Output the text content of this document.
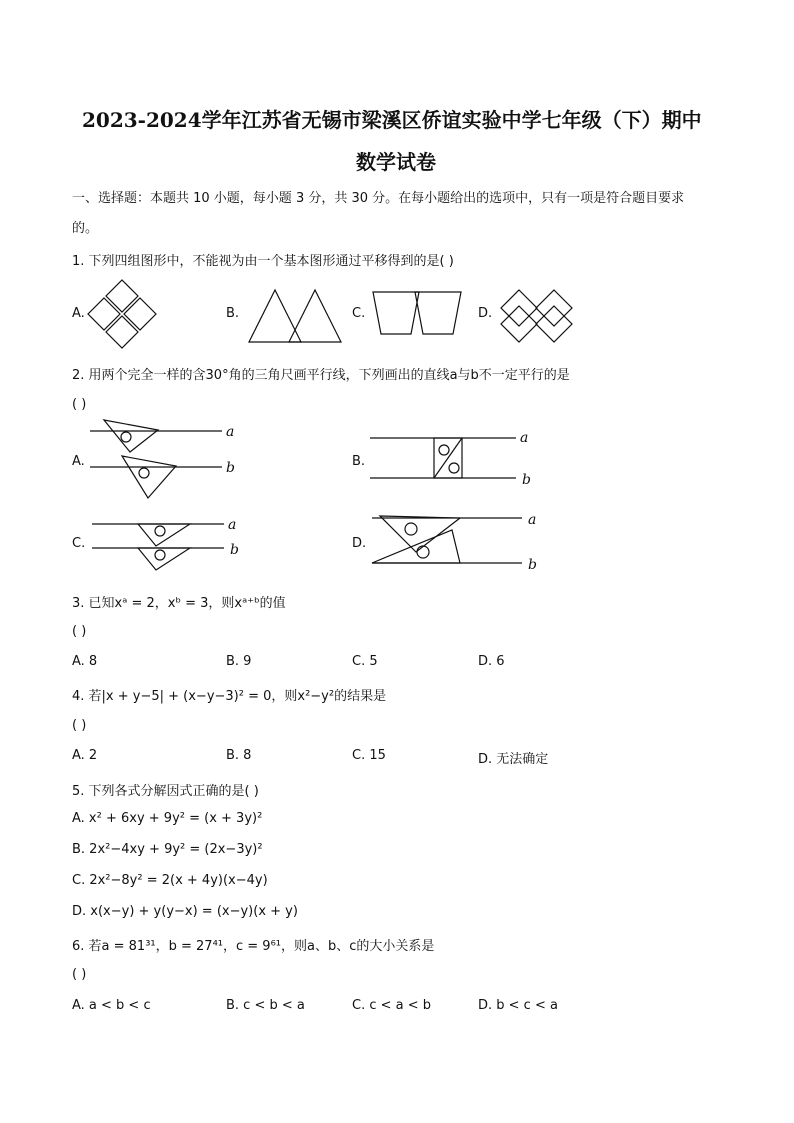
2023-2024学年江苏省无锡市梁溪区侨谊实验中学七年级（下）期中
数学试卷
一、选择题：本题共 10 小题，每小题 3 分，共 30 分。在每小题给出的选项中，只有一项是符合题目要求
的。
1. 下列四组图形中，不能视为由一个基本图形通过平移得到的是( )
A.	B.	C.	D.
2. 用两个完全一样的含30°角的三角尺画平行线，下列画出的直线a与b不一定平行的是
( )
A.	B.
C.	D.
a
b
a
b
a
b
a
b
3. 已知xᵃ = 2，xᵇ = 3，则xᵃ⁺ᵇ的值
( )
A. 8	B. 9	C. 5	D. 6
4. 若|x + y−5| + (x−y−3)² = 0，则x²−y²的结果是
( )
A. 2	B. 8	C. 15	D. 无法确定
5. 下列各式分解因式正确的是( )
A. x² + 6xy + 9y² = (x + 3y)²
B. 2x²−4xy + 9y² = (2x−3y)²
C. 2x²−8y² = 2(x + 4y)(x−4y)
D. x(x−y) + y(y−x) = (x−y)(x + y)
6. 若a = 81³¹，b = 27⁴¹，c = 9⁶¹，则a、b、c的大小关系是
( )
A. a < b < c	B. c < b < a	C. c < a < b	D. b < c < a
